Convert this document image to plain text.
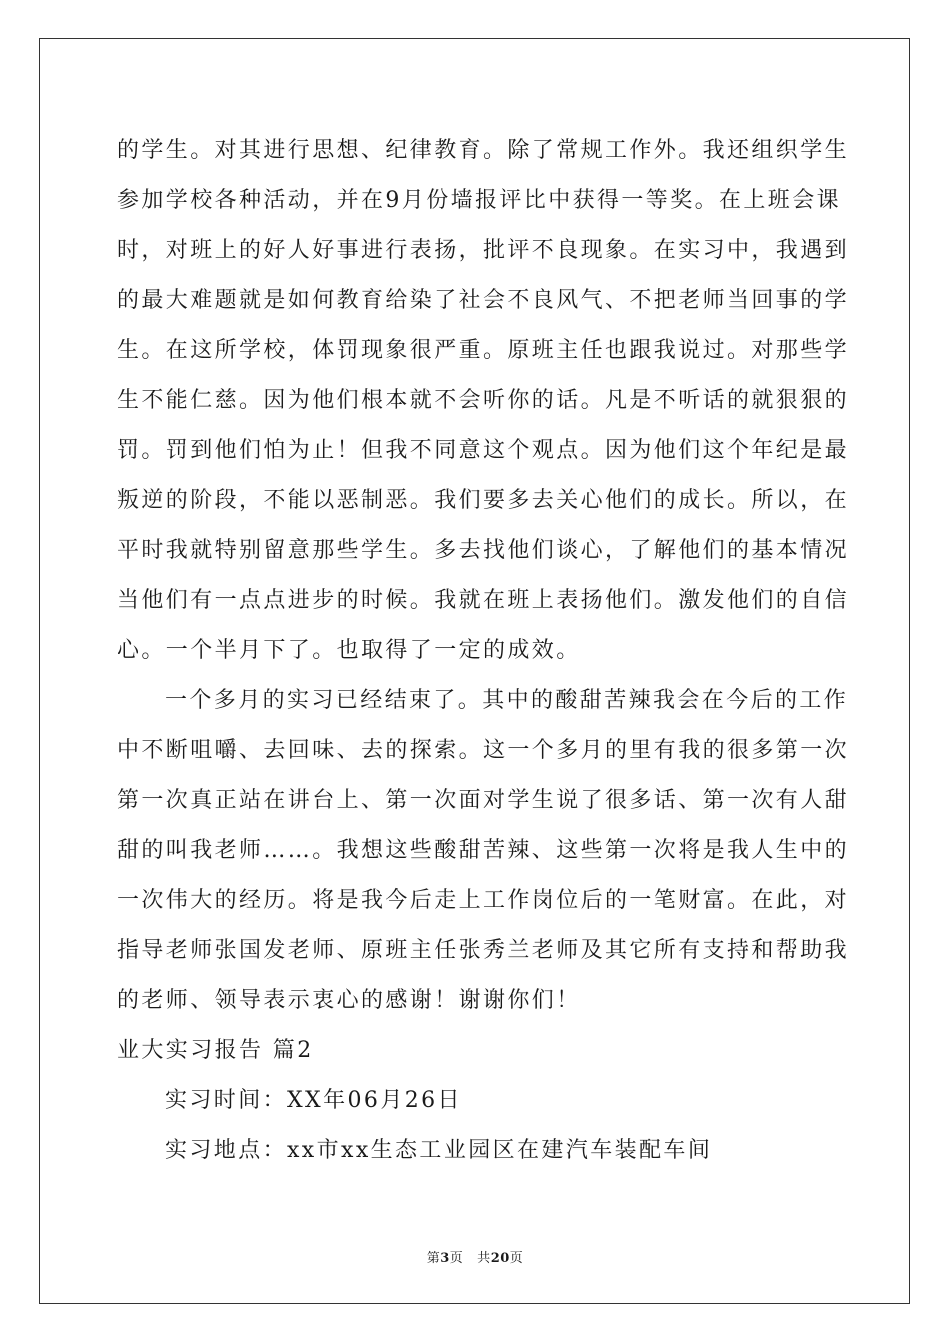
的学生。对其进行思想、纪律教育。除了常规工作外。我还组织学生
参加学校各种活动，并在9月份墙报评比中获得一等奖。在上班会课
时，对班上的好人好事进行表扬，批评不良现象。在实习中，我遇到
的最大难题就是如何教育给染了社会不良风气、不把老师当回事的学
生。在这所学校，体罚现象很严重。原班主任也跟我说过。对那些学
生不能仁慈。因为他们根本就不会听你的话。凡是不听话的就狠狠的
罚。罚到他们怕为止！但我不同意这个观点。因为他们这个年纪是最
叛逆的阶段，不能以恶制恶。我们要多去关心他们的成长。所以，在
平时我就特别留意那些学生。多去找他们谈心，了解他们的基本情况
当他们有一点点进步的时候。我就在班上表扬他们。激发他们的自信
心。一个半月下了。也取得了一定的成效。
一个多月的实习已经结束了。其中的酸甜苦辣我会在今后的工作
中不断咀嚼、去回味、去的探索。这一个多月的里有我的很多第一次
第一次真正站在讲台上、第一次面对学生说了很多话、第一次有人甜
甜的叫我老师……。我想这些酸甜苦辣、这些第一次将是我人生中的
一次伟大的经历。将是我今后走上工作岗位后的一笔财富。在此，对
指导老师张国发老师、原班主任张秀兰老师及其它所有支持和帮助我
的老师、领导表示衷心的感谢！谢谢你们！
业大实习报告 篇2
实习时间：XX年06月26日
实习地点：xx市xx生态工业园区在建汽车装配车间
第3页 共20页
